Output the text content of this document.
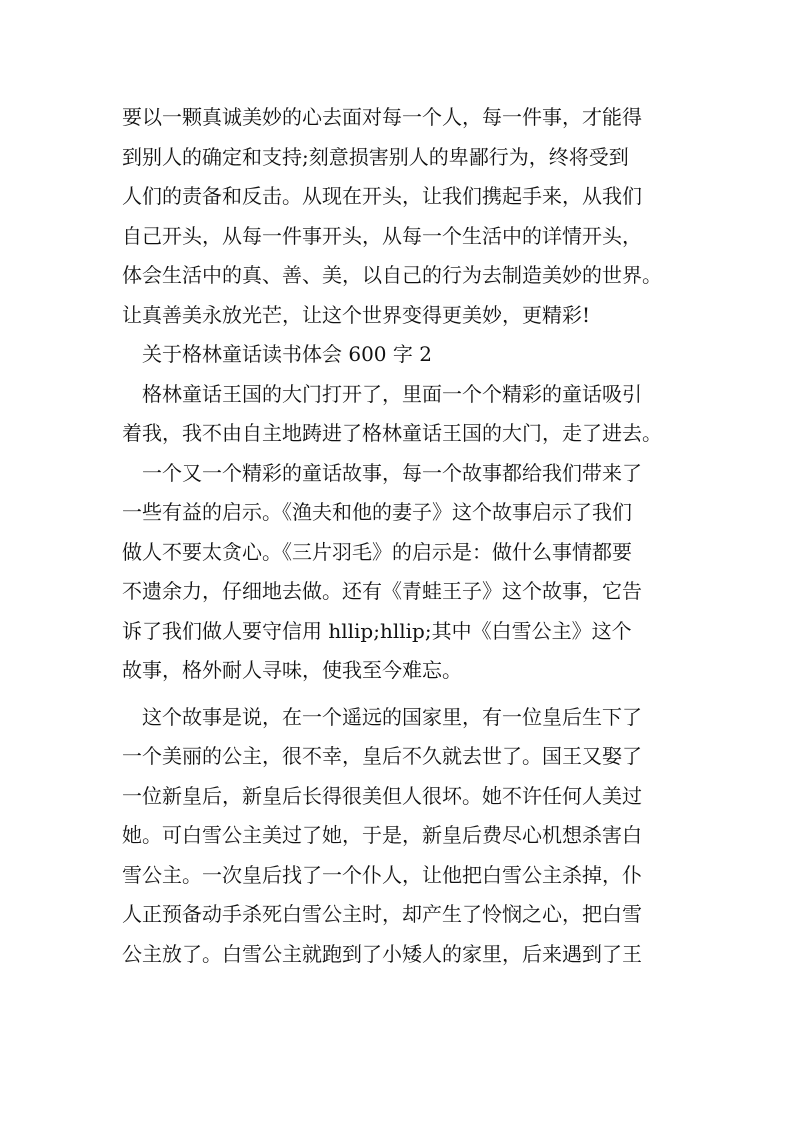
要以一颗真诚美妙的心去面对每一个人，每一件事，才能得
到别人的确定和支持;刻意损害别人的卑鄙行为，终将受到
人们的责备和反击。从现在开头，让我们携起手来，从我们
自己开头，从每一件事开头，从每一个生活中的详情开头，
体会生活中的真、善、美，以自己的行为去制造美妙的世界。
让真善美永放光芒，让这个世界变得更美妙，更精彩!
关于格林童话读书体会 600 字 2
格林童话王国的大门打开了，里面一个个精彩的童话吸引
着我，我不由自主地踌进了格林童话王国的大门，走了进去。
一个又一个精彩的童话故事，每一个故事都给我们带来了
一些有益的启示。《渔夫和他的妻子》这个故事启示了我们
做人不要太贪心。《三片羽毛》的启示是：做什么事情都要
不遗余力，仔细地去做。还有《青蛙王子》这个故事，它告
诉了我们做人要守信用 hllip;hllip;其中《白雪公主》这个
故事，格外耐人寻味，使我至今难忘。
这个故事是说，在一个遥远的国家里，有一位皇后生下了
一个美丽的公主，很不幸，皇后不久就去世了。国王又娶了
一位新皇后，新皇后长得很美但人很坏。她不许任何人美过
她。可白雪公主美过了她，于是，新皇后费尽心机想杀害白
雪公主。一次皇后找了一个仆人，让他把白雪公主杀掉，仆
人正预备动手杀死白雪公主时，却产生了怜悯之心，把白雪
公主放了。白雪公主就跑到了小矮人的家里，后来遇到了王
